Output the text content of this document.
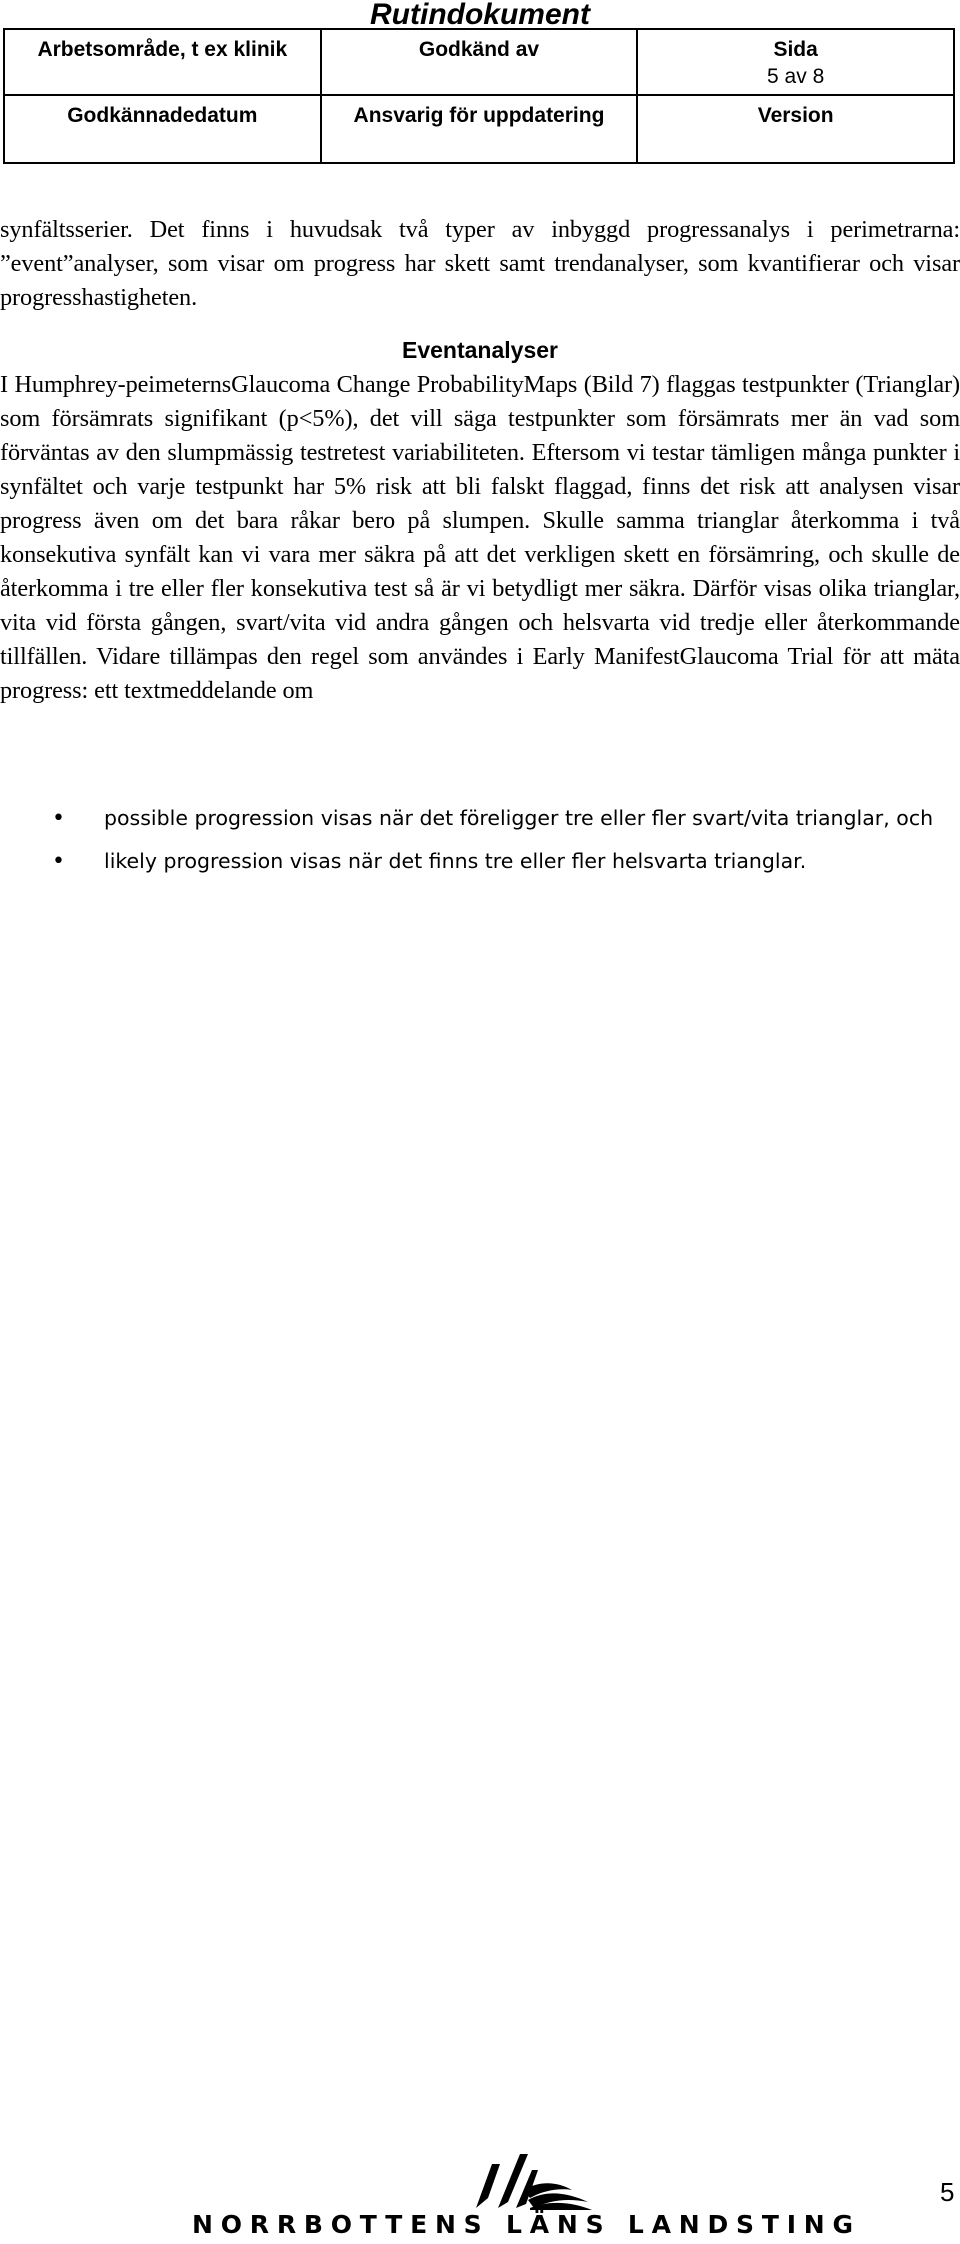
Rutindokument
Arbetsområde, t ex klinik	Godkänd av	Sida
5 av 8

Godkännadedatum	Ansvarig för uppdatering	Version

synfältsserier. Det finns i huvudsak två typer av inbyggd progressanalys i perimetrarna: ”event”analyser, som visar om progress har skett samt trendanalyser, som kvantifierar och visar progresshastigheten.

Eventanalyser

I Humphrey-peimeternsGlaucoma Change ProbabilityMaps (Bild 7) flaggas testpunkter (Trianglar) som försämrats signifikant (p<5%), det vill säga testpunkter som försämrats mer än vad som förväntas av den slumpmässig testretest variabiliteten. Eftersom vi testar tämligen många punkter i synfältet och varje testpunkt har 5% risk att bli falskt flaggad, finns det risk att analysen visar progress även om det bara råkar bero på slumpen. Skulle samma trianglar återkomma i två konsekutiva synfält kan vi vara mer säkra på att det verkligen skett en försämring, och skulle de återkomma i tre eller fler konsekutiva test så är vi betydligt mer säkra. Därför visas olika trianglar, vita vid första gången, svart/vita vid andra gången och helsvarta vid tredje eller återkommande tillfällen. Vidare tillämpas den regel som användes i Early ManifestGlaucoma Trial för att mäta progress: ett textmeddelande om

• possible progression visas när det föreligger tre eller fler svart/vita trianglar, och
• likely progression visas när det finns tre eller fler helsvarta trianglar.

NORRBOTTENS LÄNS LANDSTING

5
